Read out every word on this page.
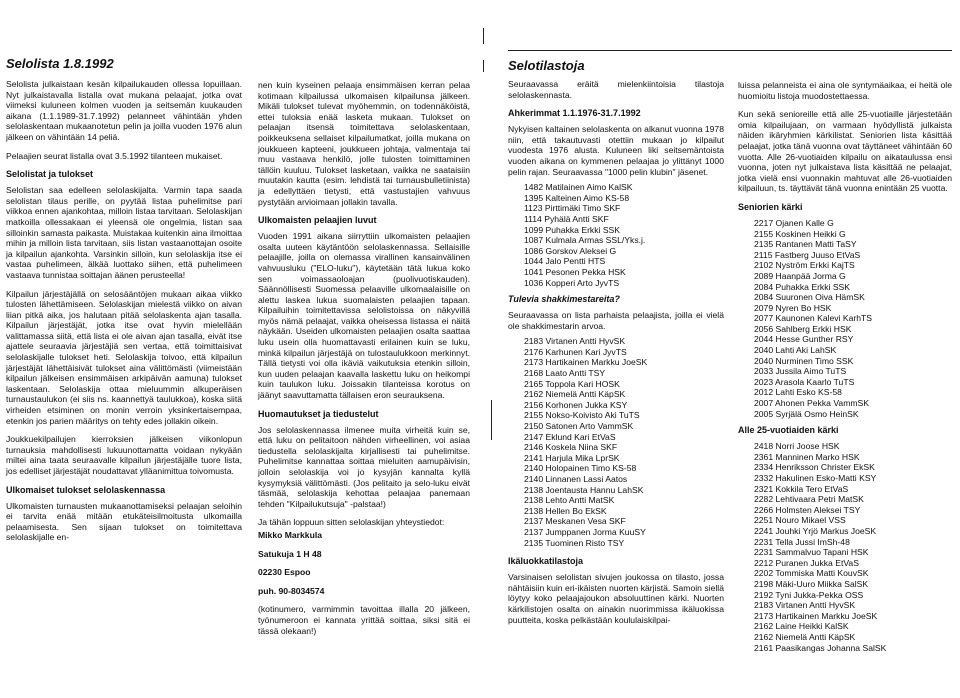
Selolista 1.8.1992

Selolista julkaistaan kesän kilpailukauden ollessa lopuillaan. Nyt julkaistavalla listalla ovat mukana pelaajat, jotka ovat viimeksi kuluneen kolmen vuoden ja seitsemän kuukauden aikana (1.1.1989-31.7.1992) pelanneet vähintään yhden selolaskentaan mukaanotetun pelin ja joilla vuoden 1976 alun jälkeen on vähintään 14 peliä.

Pelaajien seurat listalla ovat 3.5.1992 tilanteen mukaiset.

Selolistat ja tulokset

Selolistan saa edelleen seloIaskijalta. Varmin tapa saada selolistan tilaus perille, on pyytää listaa puhelimitse pari viikkoa ennen ajankohtaa, milloin listaa tarvitaan. Selolaskijan matkoilla ollessakaan ei yleensä ole ongelmia, listan saa silloinkin samasta paikasta. Muistakaa kuitenkin aina ilmoittaa mihin ja milloin lista tarvitaan, siis listan vastaanottajan osoite ja kilpailun ajankohta. Varsinkin silloin, kun selolaskija itse ei vastaa puhelimeen, älkää luottako siihen, että puhelimeen vastaava tunnistaa soittajan äänen perusteella!

Kilpailun järjestäjällä on selosääntöjen mukaan aikaa viikko tulosten lähettämiseen. Selolaskijan mielestä viikko on aivan liian pitkä aika, jos halutaan pitää selolaskenta ajan tasalla. Kilpailun järjestäjät, jotka itse ovat hyvin mielellään valittamassa siitä, että lista ei ole aivan ajan tasalla, eivät itse ajattele seuraavia järjestäjiä sen vertaa, että toimittaisivat selolaskijalle tulokset heti. Selolaskija toivoo, että kilpailun järjestäjät lähettäisivät tulokset aina välittömästi (viimeistään kilpailun jälkeisen ensimmäisen arkipäivän aamuna) tulokset laskentaan. Selolaskija ottaa mieluummin alkuperäisen turnaustaulukon (ei siis ns. kaannettyä taulukkoa), koska siitä virheiden etsiminen on monin verroin yksinkertaisempaa, etenkin jos parien määritys on tehty edes jollakin oikein.

Joukkuekilpailujen kierroksien jälkeisen viikonlopun turnauksia mahdollisesti lukuunottamatta voidaan nykyään miltei aina taata seuraavalle kilpailun järjestäjälle tuore lista, jos edelliset järjestäjät noudattavat ylläanimittua toivomusta.

Ulkomaiset tulokset selolaskennassa

Ulkomaisten turnausten mukaanottamiseksi pelaajan seloihin ei tarvita enää mitään etukäteisilmoitusta ulkomailla pelaamisesta. Sen sijaan tulokset on toimitettava selolaskijalle en-

nen kuin kyseinen pelaaja ensimmäisen kerran pelaa kotimaan kilpailussa ulkomaisen kilpailunsa jälkeen. Mikäli tulokset tulevat myöhemmin, on todennäköistä, ettei tuloksia enää lasketa mukaan. Tulokset on pelaajan itsensä toimitettava selolaskentaan, poikkeuksena sellaiset kilpailumatkat, joilla mukana on joukkueen kapteeni, joukkueen johtaja, valmentaja tai muu vastaava henkilö, jolle tulosten toimittaminen tällöin kuuluu. Tulokset lasketaan, vaikka ne saataisiin muutakin kautta (esim. lehdistä tai turnausbulletiinista) ja edellyttäen tietysti, että vastustajien vahvuus pystytään arvioimaan jollakin tavalla.

Ulkomaisten pelaajien luvut

Vuoden 1991 aikana siirryttiin ulkomaisten pelaajien osalta uuteen käytäntöön selolaskennassa. Sellaisille pelaajille, joilla on olemassa virallinen kansainvälinen vahvuusluku ("ELO-luku"), käytetään tätä lukua koko sen voimassaoloajan (puolivuotiskauden). Säännöllisesti Suomessa pelaaville ulkomaalaisille on alettu laskea lukua suomalaisten pelaajien tapaan. Kilpailuihin toimitettavissa selolistoissa on näkyvillä myös nämä pelaajat, vaikka oheisessa listassa ei näitä näykään. Useiden ulkomaisten pelaajien osalta saattaa luku usein olla huomattavasti erilainen kuin se luku, minkä kilpailun järjestäjä on tulostaulukkoon merkinnyt. Tällä tietysti voi olla ikäviä vaikutuksia etenkin silloin, kun uuden pelaajan kaavalla laskettu luku on heikompi kuin taulukon luku. Joissakin tilanteissa korotus on jäänyt saavuttamatta tällaisen eron seurauksena.

Huomautukset ja tiedustelut

Jos selolaskennassa ilmenee muita virheitä kuin se, että luku on pelitaitoon nähden virheellinen, voi asiaa tiedustella selolaskijalta kirjallisesti tai puhelimitse. Puhelimitse kannattaa soittaa mieluiten aamupäivisin, jolloin selolaskija voi jo kysyjän kannalta kyllä kysymyksiä välittömästi. (Jos pelitaito ja selo-luku eivät täsmää, selolaskija kehottaa pelaajaa panemaan tehden "Kilpailukutsuja" -palstaa!)

Ja tähän loppuun sitten selolaskijan yhteystiedot:

Mikko Markkula

Satukuja 1 H 48

02230 Espoo

puh. 90-8034574

(kotinumero, varmimmin tavoittaa illalla 20 jälkeen, työnumeroon ei kannata yrittää soittaa, siksi sitä ei tässä olekaan!)

Selotilastoja

Seuraavassa eräitä mielenkiintoisia tilastoja selolaskennasta.

Ahkerimmat 1.1.1976-31.7.1992

Nykyisen kaltainen selolaskenta on alkanut vuonna 1978 niin, että takautuvasti otettiin mukaan jo kilpailut vuodesta 1976 alusta. Kuluneen liki seitsemäntoista vuoden aikana on kymmenen pelaajaa jo ylittänyt 1000 pelin rajan. Seuraavassa "1000 pelin klubin" jäsenet.

1482 Matilainen Aimo KalSK
1395 Kalteinen Aimo KS-58
1123 Pirttimäki Timo SKF
1114 Pyhälä Antti SKF
1099 Puhakka Erkki SSK
1087 Kulmala Armas SSL/Yks.j.
1086 Gorskov Aleksei G
1044 Jalo Pentti HTS
1041 Pesonen Pekka HSK
1036 Kopperi Arto JyvTS
Tulevia shakkimestareita?

Seuraavassa on lista parhaista pelaajista, joilla ei vielä ole shakkimestarin arvoa.

2183 Virtanen Antti HyvSK
2176 Karhunen Kari JyvTS
2173 Hartikainen Markku JoeSK
2168 Laato Antti TSY
2165 Toppola Kari HOSK
2162 Niemelä Antti KäpSK
2156 Korhonen Jukka KSY
2155 Nokso-Koivisto Aki TuTS
2150 Satonen Arto VammSK
2147 Eklund Kari EtVaS
2146 Koskela Niina SKF
2141 Harjula Mika LprSK
2140 Holopainen Timo KS-58
2140 Linnanen Lassi Aatos
2138 Joentausta Hannu LahSK
2138 Lehto Antti MatSK
2138 Hellen Bo EkSK
2137 Meskanen Vesa SKF
2137 Jumppanen Jorma KuuSY
2135 Tuominen Risto TSY
Ikäluokkatilastoja

Varsinaisen selolistan sivujen joukossa on tilasto, jossa nähtäisiin kuin eri-ikäisten nuorten kärjistä. Samoin siellä löytyy koko pelaajajoukon absoluuttinen kärki. Nuorten kärkilistojen osalta on ainakin nuorimmissa ikäluokissa puutteita, koska pelkästään koululaiskilpai-

luissa pelanneista ei aina ole syntymäaikaa, ei heitä ole huomioitu listoja muodostettaessa.

Kun sekä senioreille että alle 25-vuotiaille järjestetään omia kilpailujaan, on varmaan hyödyllistä julkaista näiden ikäryhmien kärkilistat. Seniorien lista käsittää pelaajat, jotka tänä vuonna ovat täyttäneet vähintään 60 vuotta. Alle 26-vuotiaiden kilpailu on aikataulussa ensi vuonna, joten nyt julkaistava lista käsittää ne pelaajat, jotka vielä ensi vuonnakin mahtuvat alle 26-vuotiaiden kilpailuun, ts. täyttävät tänä vuonna enintään 25 vuotta.

Seniorien kärki
2217 Ojanen Kalle G
2155 Koskinen Heikki G
2135 Rantanen Matti TaSY
2115 Fastberg Juuso EtVaS
2102 Nyström Erkki KajTS
2089 Haanpää Jorma G
2084 Puhakka Erkki SSK
2084 Suuronen Oiva HämSK
2079 Nyren Bo HSK
2077 Kaunonen Kalevi KarhTS
2056 Sahlberg Erkki HSK
2044 Hesse Gunther RSY
2040 Lahti Aki LahSK
2040 Nurminen Timo SSK
2033 Jussila Aimo TuTS
2023 Arasola Kaarlo TuTS
2012 Lahti Esko KS-58
2007 Ahonen Pekka VammSK
2005 Syrjälä Osmo HeinSK
Alle 25-vuotiaiden kärki
2418 Norri Joose HSK
2361 Manninen Marko HSK
2334 Henriksson Christer EkSK
2332 Hakulinen Esko-Matti KSY
2321 Kokkila Tero EtVaS
2282 Lehtivaara Petri MatSK
2266 Holmsten Aleksei TSY
2251 Nouro Mikael VSS
2241 Jouhki Yrjö Markus JoeSK
2231 Tella Jussi ImSh-48
2231 Sammalvuo Tapani HSK
2212 Puranen Jukka EtVaS
2202 Tommiska Matti KouvSK
2198 Mäki-Uuro Miikka SalSK
2192 Tyni Jukka-Pekka OSS
2183 Virtanen Antti HyvSK
2173 Hartikainen Markku JoeSK
2162 Laine Heikki KalSK
2162 Niemelä Antti KäpSK
2161 Paasikangas Johanna SalSK
